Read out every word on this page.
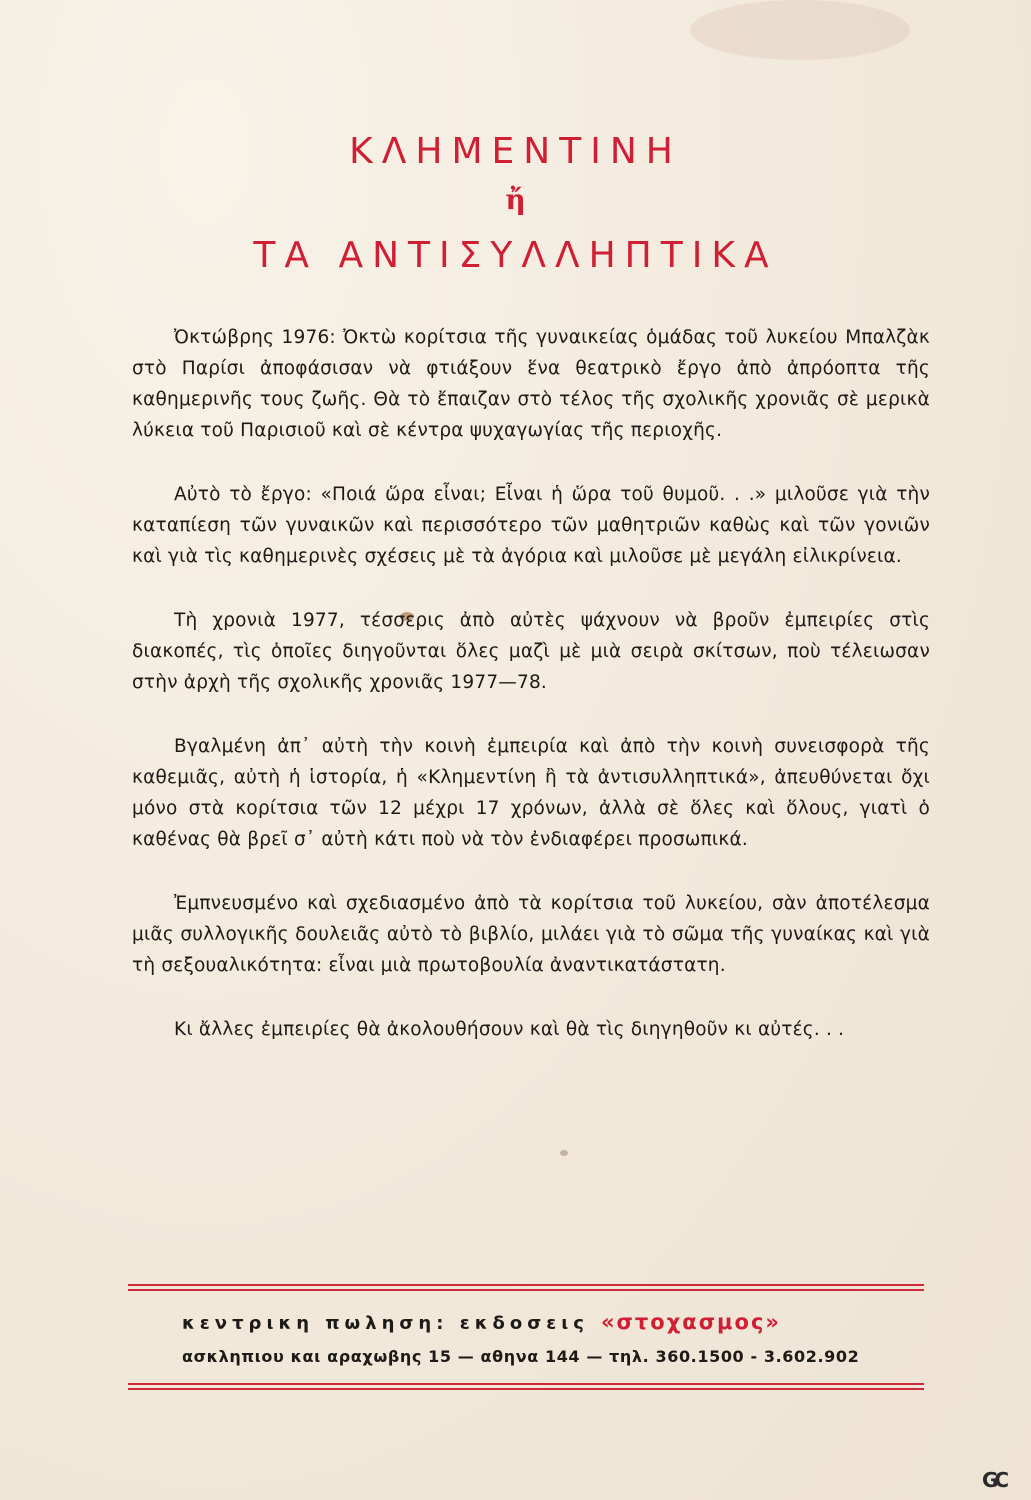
ΚΛΗΜΕΝΤΙΝΗ
ἤ
ΤΑ ΑΝΤΙΣΥΛΛΗΠΤΙΚΑ

Ὀκτώβρης 1976: Ὀκτὼ κορίτσια τῆς γυναικείας ὁμάδας τοῦ λυκείου Μπαλζὰκ στὸ Παρίσι ἀποφάσισαν νὰ φτιάξουν ἕνα θεατρικὸ ἔργο ἀπὸ ἀπρόοπτα τῆς καθημερινῆς τους ζωῆς. Θὰ τὸ ἔπαιζαν στὸ τέλος τῆς σχολικῆς χρονιᾶς σὲ μερικὰ λύκεια τοῦ Παρισιοῦ καὶ σὲ κέντρα ψυχαγωγίας τῆς περιοχῆς.

Αὐτὸ τὸ ἔργο: «Ποιά ὥρα εἶναι; Εἶναι ἡ ὥρα τοῦ θυμοῦ. . .» μιλοῦσε γιὰ τὴν καταπίεση τῶν γυναικῶν καὶ περισσότερο τῶν μαθητριῶν καθὼς καὶ τῶν γονιῶν καὶ γιὰ τὶς καθημερινὲς σχέσεις μὲ τὰ ἀγόρια καὶ μιλοῦσε μὲ μεγάλη εἰλικρίνεια.

Τὴ χρονιὰ 1977, τέσσερις ἀπὸ αὐτὲς ψάχνουν νὰ βροῦν ἐμπειρίες στὶς διακοπές, τὶς ὁποῖες διηγοῦνται ὅλες μαζὶ μὲ μιὰ σειρὰ σκίτσων, ποὺ τέλειωσαν στὴν ἀρχὴ τῆς σχολικῆς χρονιᾶς 1977—78.

Βγαλμένη ἀπ᾽ αὐτὴ τὴν κοινὴ ἐμπειρία καὶ ἀπὸ τὴν κοινὴ συνεισφορὰ τῆς καθεμιᾶς, αὐτὴ ἡ ἱστορία, ἡ «Κλημεντίνη ἢ τὰ ἀντισυλληπτικά», ἀπευθύνεται ὄχι μόνο στὰ κορίτσια τῶν 12 μέχρι 17 χρόνων, ἀλλὰ σὲ ὅλες καὶ ὅλους, γιατὶ ὁ καθένας θὰ βρεῖ σ᾽ αὐτὴ κάτι ποὺ νὰ τὸν ἐνδιαφέρει προσωπικά.

Ἐμπνευσμένο καὶ σχεδιασμένο ἀπὸ τὰ κορίτσια τοῦ λυκείου, σὰν ἀποτέλεσμα μιᾶς συλλογικῆς δουλειᾶς αὐτὸ τὸ βιβλίο, μιλάει γιὰ τὸ σῶμα τῆς γυναίκας καὶ γιὰ τὴ σεξουαλικότητα: εἶναι μιὰ πρωτοβουλία ἀναντικατάστατη.

Κι ἄλλες ἐμπειρίες θὰ ἀκολουθήσουν καὶ θὰ τὶς διηγηθοῦν κι αὐτές. . .

κεντρικη πωληση: εκδοσεις «στοχασμος»
ασκληπιου και αραχωβης 15 — αθηνα 144 — τηλ. 360.1500 - 3.602.902
GC
